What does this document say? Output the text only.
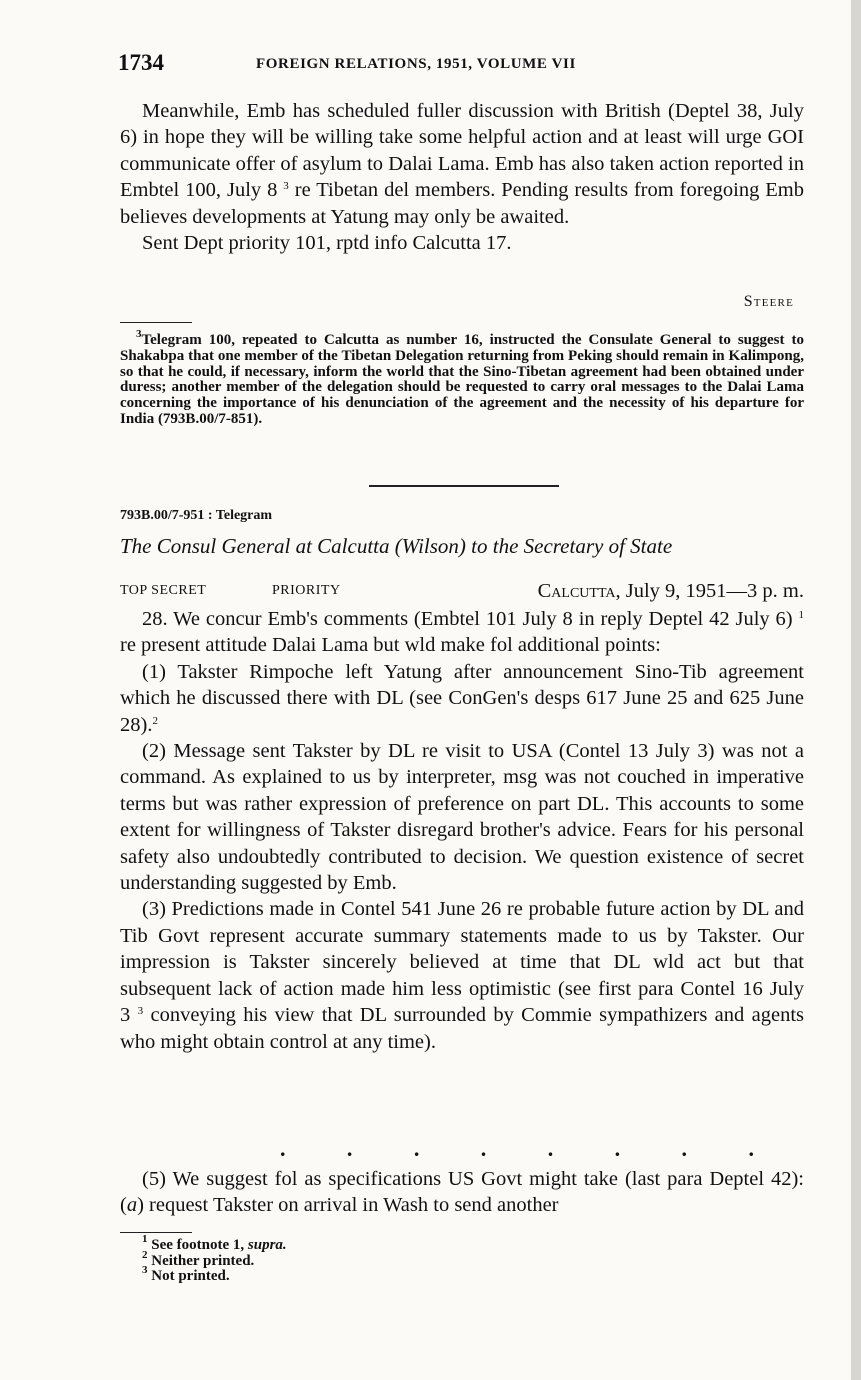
1734	FOREIGN RELATIONS, 1951, VOLUME VII

Meanwhile, Emb has scheduled fuller discussion with British (Deptel 38, July 6) in hope they will be willing take some helpful action and at least will urge GOI communicate offer of asylum to Dalai Lama. Emb has also taken action reported in Embtel 100, July 8 $^3$ re Tibetan del members. Pending results from foregoing Emb believes developments at Yatung may only be awaited.

Sent Dept priority 101, rptd info Calcutta 17.

Steere

$^3$Telegram 100, repeated to Calcutta as number 16, instructed the Consulate General to suggest to Shakabpa that one member of the Tibetan Delegation returning from Peking should remain in Kalimpong, so that he could, if necessary, inform the world that the Sino-Tibetan agreement had been obtained under duress; another member of the delegation should be requested to carry oral messages to the Dalai Lama concerning the importance of his denunciation of the agreement and the necessity of his departure for India (793B.00/7-851).

793B.00/7-951 : Telegram
The Consul General at Calcutta (Wilson) to the Secretary of State
TOP SECRET	PRIORITY	Calcutta, July 9, 1951—3 p. m.

28. We concur Emb's comments (Embtel 101 July 8 in reply Deptel 42 July 6) $^1$ re present attitude Dalai Lama but wld make fol additional points:

(1) Takster Rimpoche left Yatung after announcement Sino-Tib agreement which he discussed there with DL (see ConGen's desps 617 June 25 and 625 June 28).$^2$

(2) Message sent Takster by DL re visit to USA (Contel 13 July 3) was not a command. As explained to us by interpreter, msg was not couched in imperative terms but was rather expression of preference on part DL. This accounts to some extent for willingness of Takster disregard brother's advice. Fears for his personal safety also undoubtedly contributed to decision. We question existence of secret understanding suggested by Emb.

(3) Predictions made in Contel 541 June 26 re probable future action by DL and Tib Govt represent accurate summary statements made to us by Takster. Our impression is Takster sincerely believed at time that DL wld act but that subsequent lack of action made him less optimistic (see first para Contel 16 July 3 $^3$ conveying his view that DL surrounded by Commie sympathizers and agents who might obtain control at any time).

.	.	.	.	.	.	.	.

(5) We suggest fol as specifications US Govt might take (last para Deptel 42): (a) request Takster on arrival in Wash to send another

$^1$ See footnote 1, supra.
$^2$ Neither printed.
$^3$ Not printed.
